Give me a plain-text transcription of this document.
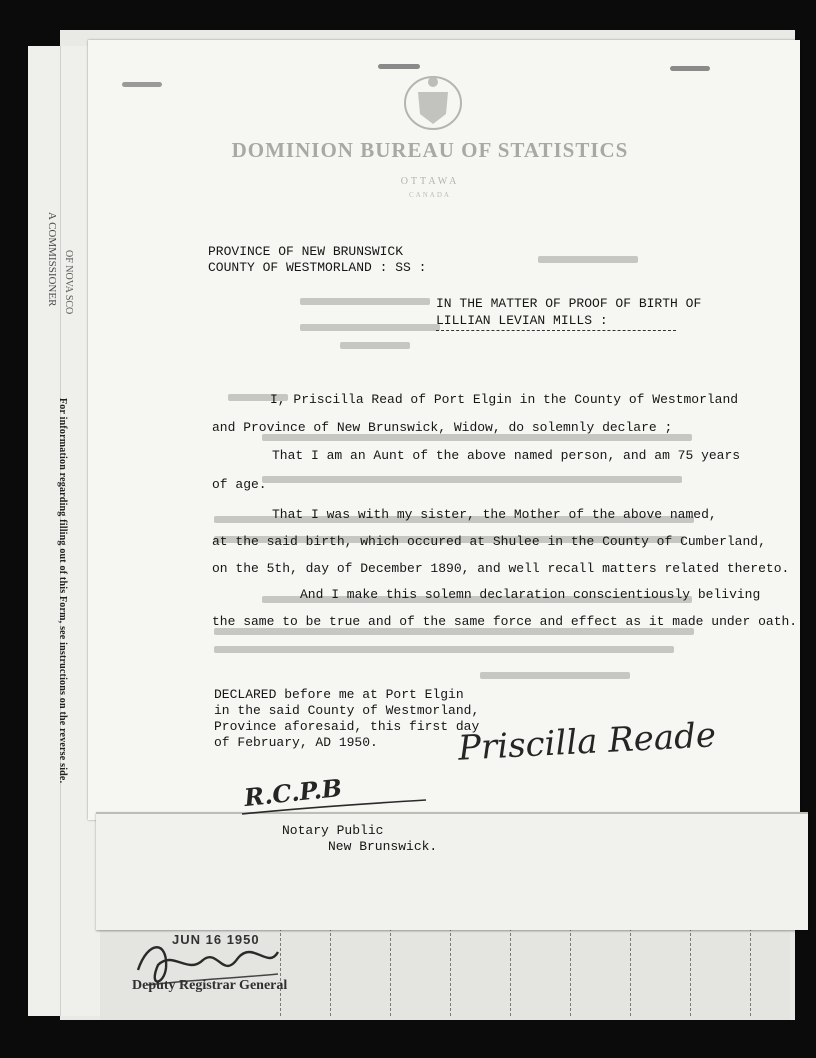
A COMMISSIONER OF NOVA SCO
For information regarding filling out of this Form, see instructions on the reverse side.
JUN 16 1950
Deputy Registrar General
DOMINION BUREAU OF STATISTICS
OTTAWA
CANADA
PROVINCE OF NEW BRUNSWICK
COUNTY OF WESTMORLAND : SS :
IN THE MATTER OF PROOF OF BIRTH OF
LILLIAN LEVIAN MILLS :
I, Priscilla Read of Port Elgin in the County of Westmorland
and Province of New Brunswick, Widow, do solemnly declare ;
That I am an Aunt of the above named person, and am 75 years
of age.
That I was with my sister, the Mother of the above named,
at the said birth, which occured at Shulee in the County of Cumberland,
on the 5th, day of December 1890, and well recall matters related thereto.
And I make this solemn declaration conscientiously beliving
the same to be true and of the same force and effect as it made under oath.
DECLARED before me at Port Elgin
in the said County of Westmorland,
Province aforesaid, this first day
of February, AD 1950. Priscilla Reade
R.C.P.B
Notary Public
New Brunswick.
